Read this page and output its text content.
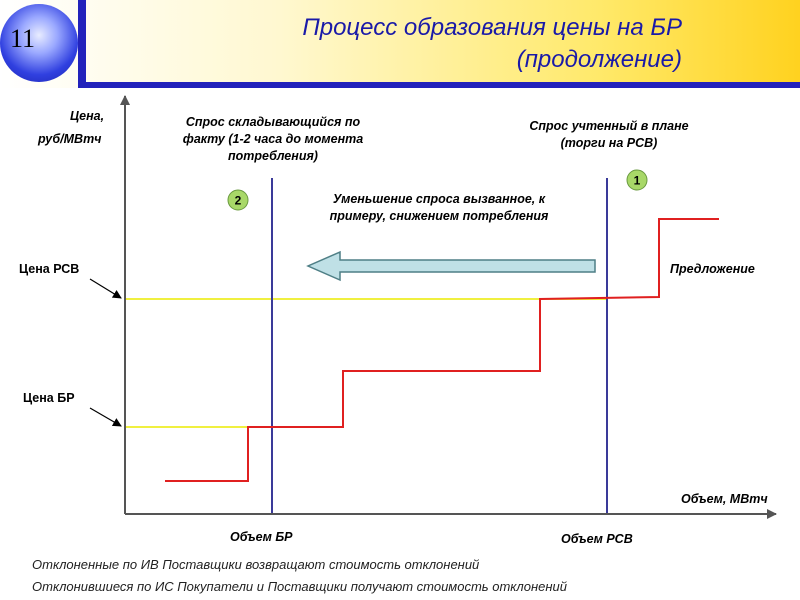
11	Процесс образования цены на БР
(продолжение)
1
2
Цена,
руб/МВтч
Объем, МВтч
Цена РСВ
Цена БР
Объем БР	Объем РСВ
Спрос складывающийся по
факту (1-2 часа до момента
потребления)
Спрос учтенный в плане
(торги на РСВ)
Уменьшение спроса вызванное, к
примеру, снижением потребления
Предложение
Отклоненные по ИВ Поставщики возвращают стоимость отклонений
Отклонившиеся по ИС Покупатели и Поставщики получают стоимость отклонений
